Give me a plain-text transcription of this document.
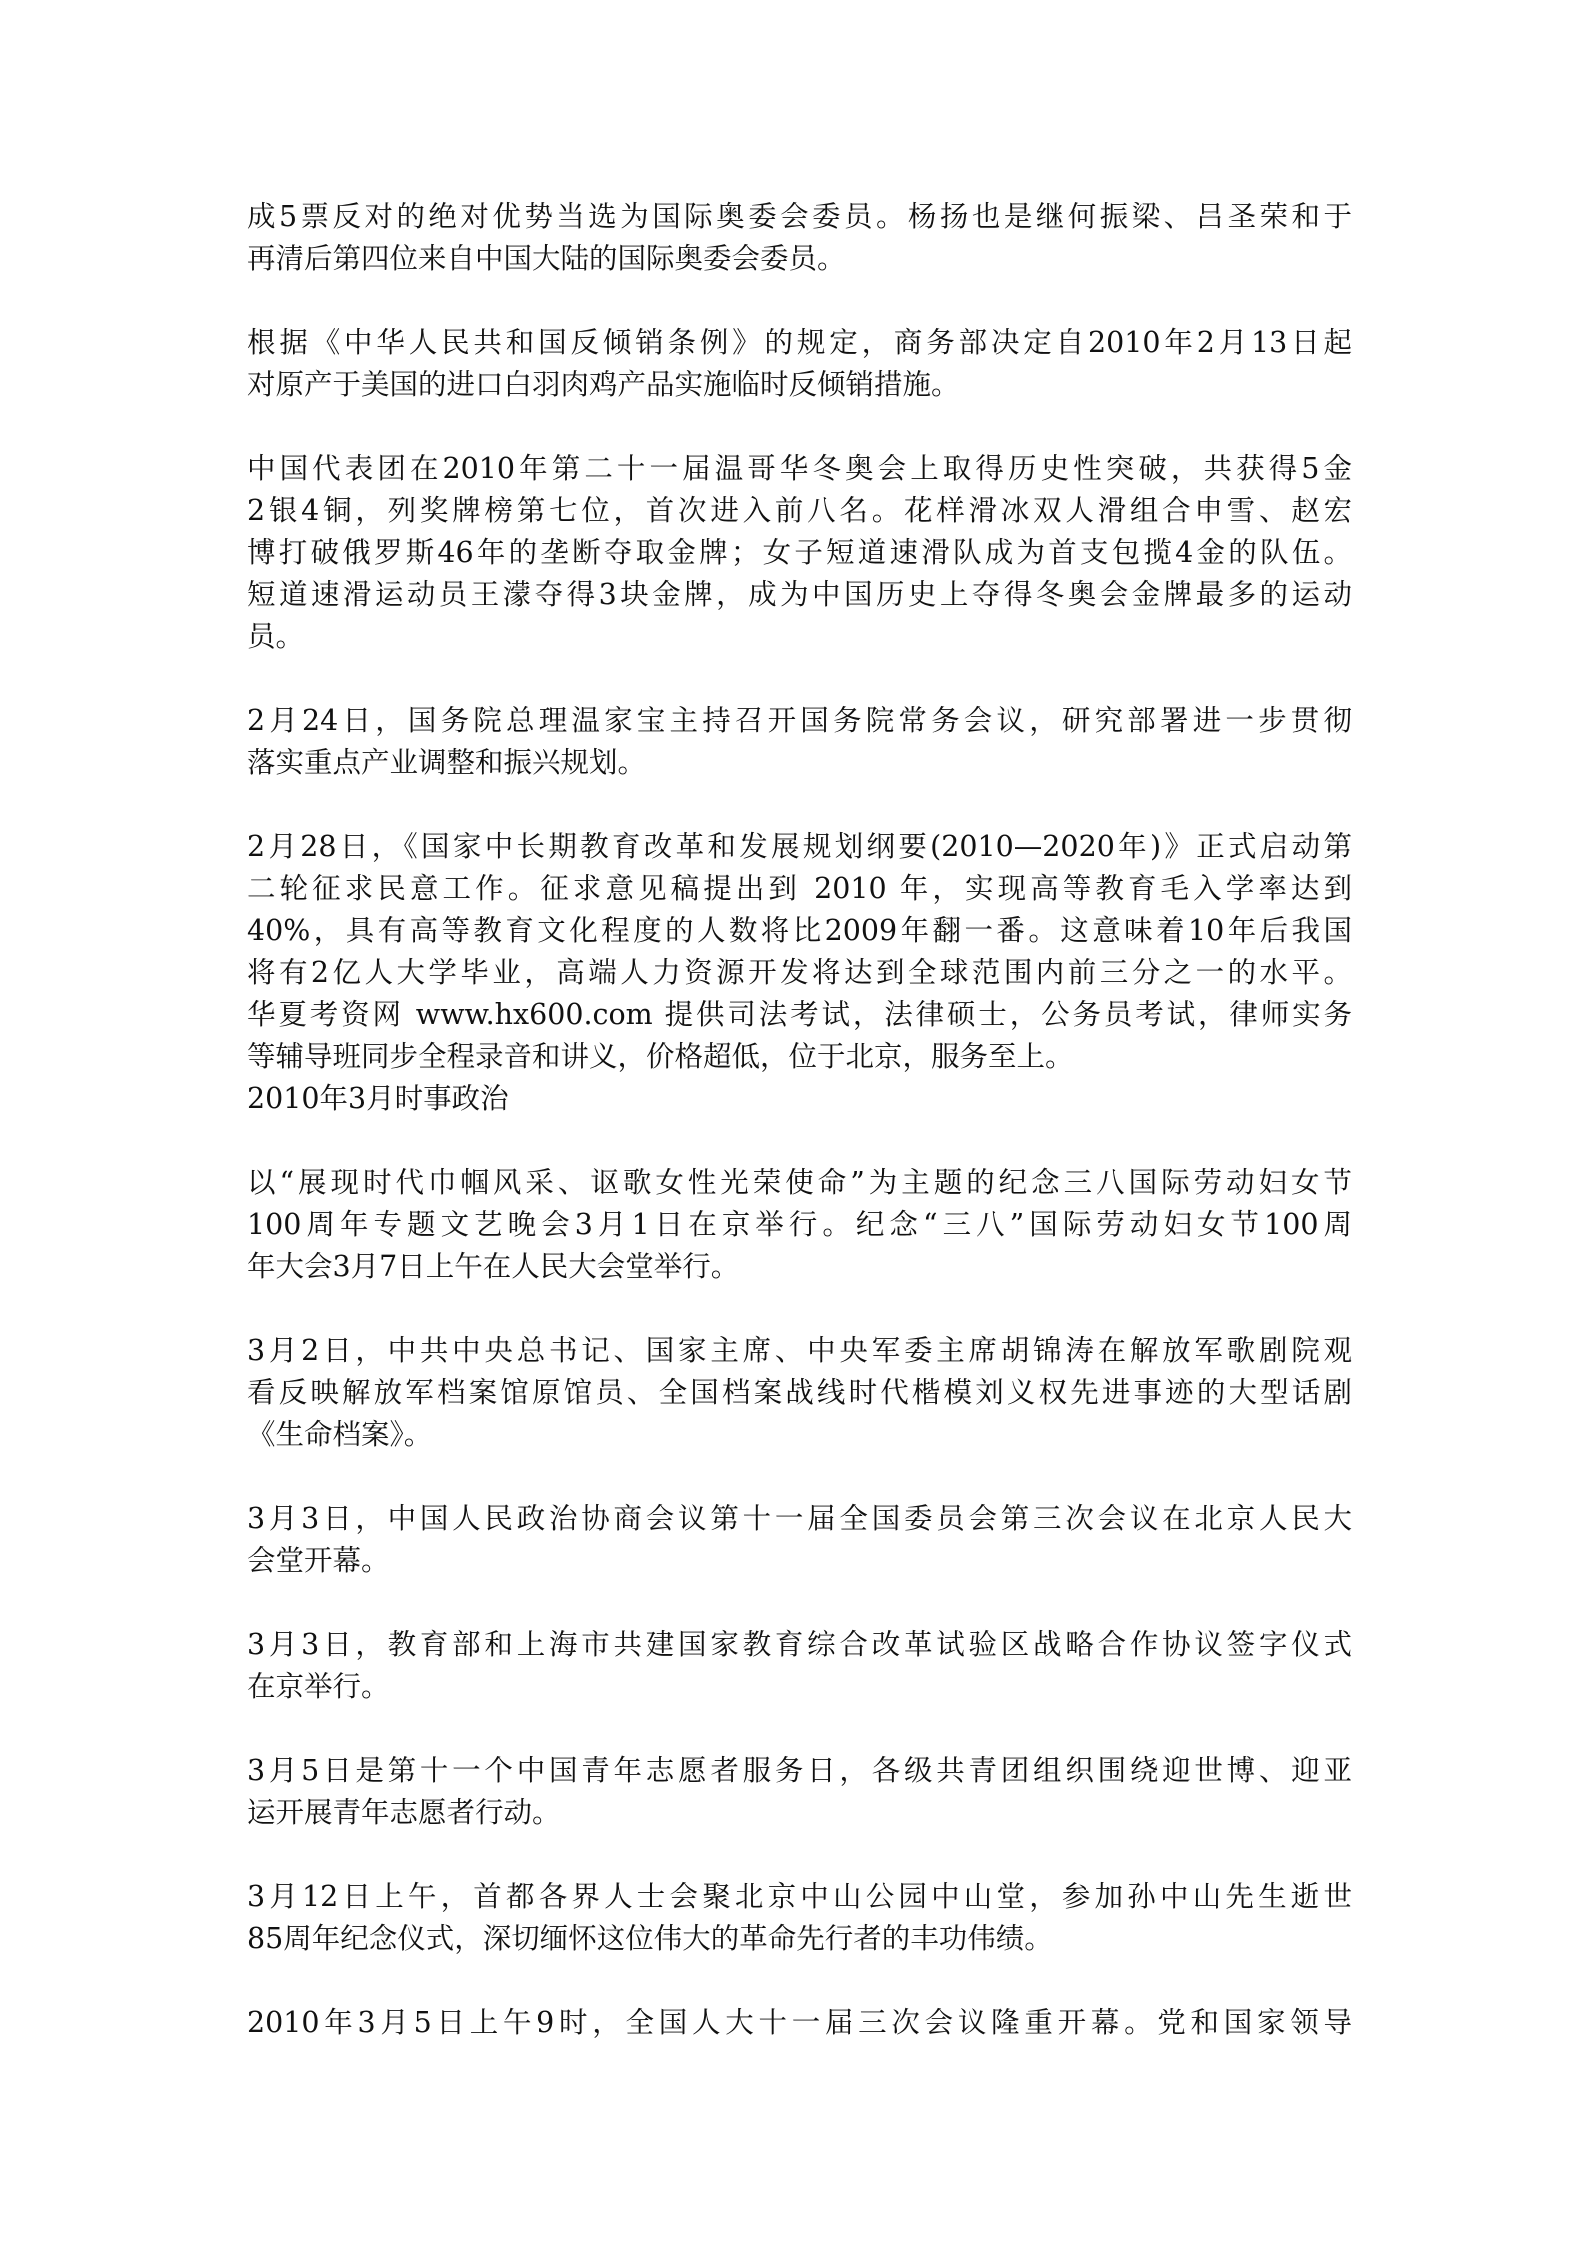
成5票反对的绝对优势当选为国际奥委会委员。杨扬也是继何振梁、吕圣荣和于
再清后第四位来自中国大陆的国际奥委会委员。
根据《中华人民共和国反倾销条例》的规定，商务部决定自2010年2月13日起
对原产于美国的进口白羽肉鸡产品实施临时反倾销措施。
中国代表团在2010年第二十一届温哥华冬奥会上取得历史性突破，共获得5金
2银4铜，列奖牌榜第七位，首次进入前八名。花样滑冰双人滑组合申雪、赵宏
博打破俄罗斯46年的垄断夺取金牌；女子短道速滑队成为首支包揽4金的队伍。
短道速滑运动员王濛夺得3块金牌，成为中国历史上夺得冬奥会金牌最多的运动
员。
2月24日，国务院总理温家宝主持召开国务院常务会议，研究部署进一步贯彻
落实重点产业调整和振兴规划。
2月28日，《国家中长期教育改革和发展规划纲要(2010—2020年)》正式启动第
二轮征求民意工作。征求意见稿提出到 2010 年，实现高等教育毛入学率达到
40%，具有高等教育文化程度的人数将比2009年翻一番。这意味着10年后我国
将有2亿人大学毕业，高端人力资源开发将达到全球范围内前三分之一的水平。
华夏考资网 www.hx600.com 提供司法考试，法律硕士，公务员考试，律师实务
等辅导班同步全程录音和讲义，价格超低，位于北京，服务至上。
2010年3月时事政治
以“展现时代巾帼风采、讴歌女性光荣使命”为主题的纪念三八国际劳动妇女节
100周年专题文艺晚会3月1日在京举行。纪念“三八”国际劳动妇女节100周
年大会3月7日上午在人民大会堂举行。
3月2日，中共中央总书记、国家主席、中央军委主席胡锦涛在解放军歌剧院观
看反映解放军档案馆原馆员、全国档案战线时代楷模刘义权先进事迹的大型话剧
《生命档案》。
3月3日，中国人民政治协商会议第十一届全国委员会第三次会议在北京人民大
会堂开幕。
3月3日，教育部和上海市共建国家教育综合改革试验区战略合作协议签字仪式
在京举行。
3月5日是第十一个中国青年志愿者服务日，各级共青团组织围绕迎世博、迎亚
运开展青年志愿者行动。
3月12日上午，首都各界人士会聚北京中山公园中山堂，参加孙中山先生逝世
85周年纪念仪式，深切缅怀这位伟大的革命先行者的丰功伟绩。
2010年3月5日上午9时，全国人大十一届三次会议隆重开幕。党和国家领导
